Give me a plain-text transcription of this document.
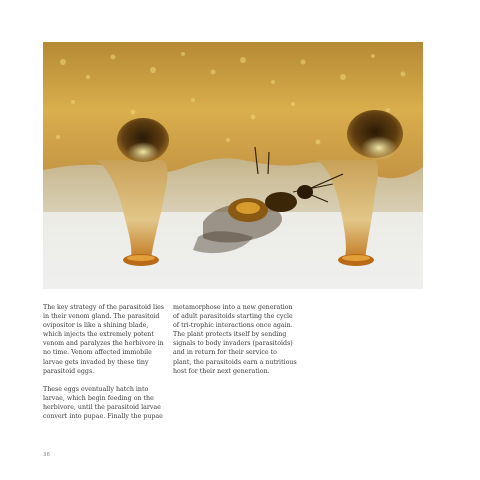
The key strategy of the parasitoid lies in their venom gland. The parasitoid ovipositor is like a shining blade, which injects the extremely potent venom and paralyzes the herbivore in no time. Venom affected immobile larvae gets invaded by these tiny parasitoid eggs.

These eggs eventually hatch into larvae, which begin feeding on the herbivore, until the parasitoid larvae convert into pupae. Finally the pupae

metamorphose into a new generation of adult parasitoids starting the cycle of tri-trophic interactions once again. The plant protects itself by sending signals to body invaders (parasitoids) and in return for their service to plant, the parasitoids earn a nutritious host for their next generation.

36
